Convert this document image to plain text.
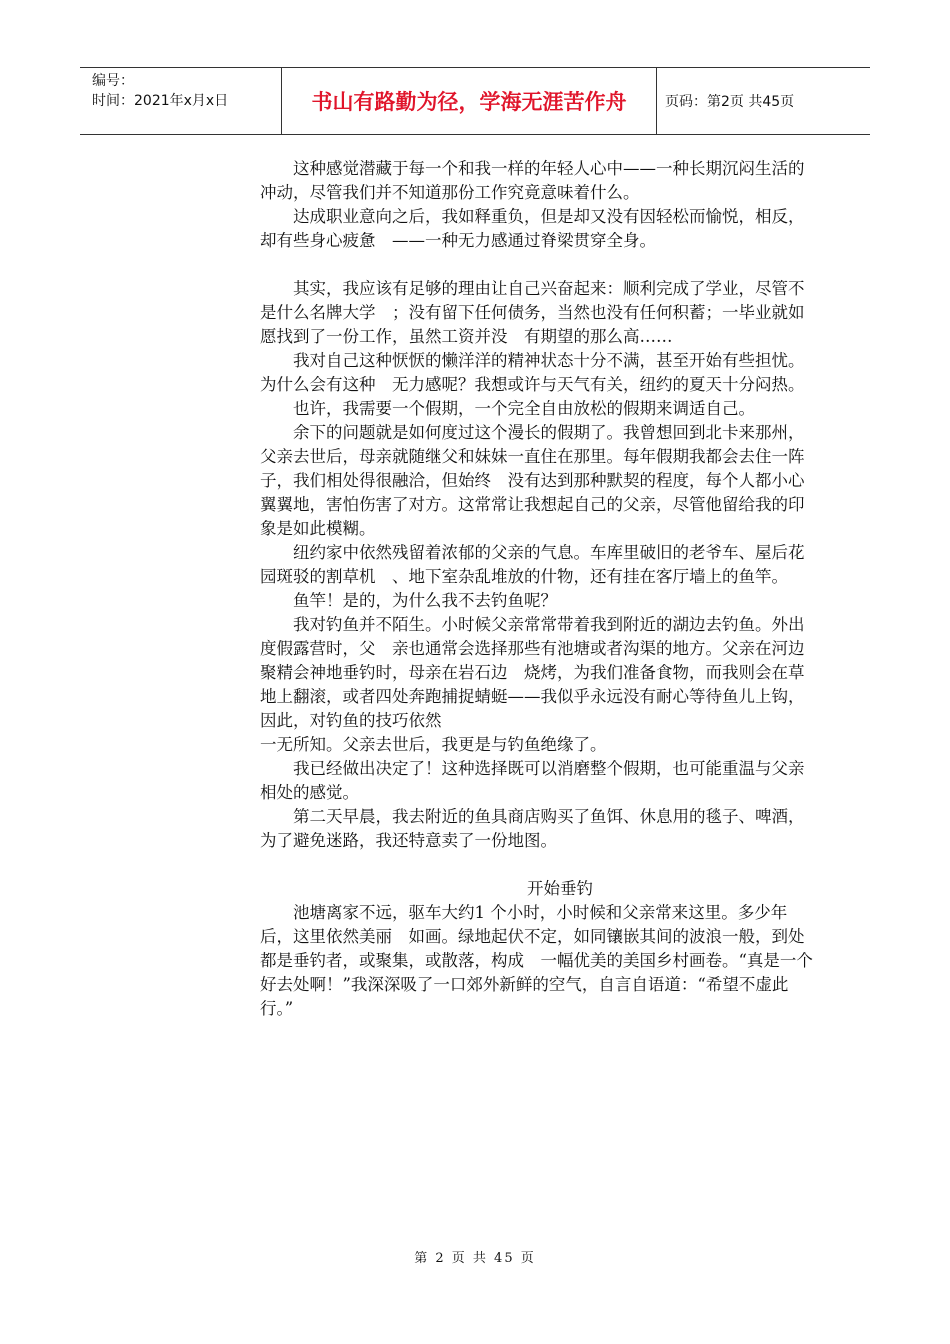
编号：
时间：2021年x月x日	书山有路勤为径，学海无涯苦作舟	页码：第2页 共45页

这种感觉潜藏于每一个和我一样的年轻人心中——一种长期沉闷生活的冲动，尽管我们并不知道那份工作究竟意味着什么。

达成职业意向之后，我如释重负，但是却又没有因轻松而愉悦，相反，却有些身心疲惫　——一种无力感通过脊梁贯穿全身。

其实，我应该有足够的理由让自己兴奋起来：顺利完成了学业，尽管不是什么名牌大学　；没有留下任何债务，当然也没有任何积蓄；一毕业就如愿找到了一份工作，虽然工资并没　有期望的那么高……

我对自己这种恹恹的懒洋洋的精神状态十分不满，甚至开始有些担忧。为什么会有这种　无力感呢？我想或许与天气有关，纽约的夏天十分闷热。

也许，我需要一个假期，一个完全自由放松的假期来调适自己。

余下的问题就是如何度过这个漫长的假期了。我曾想回到北卡来那州，父亲去世后，母亲就随继父和妹妹一直住在那里。每年假期我都会去住一阵子，我们相处得很融洽，但始终　没有达到那种默契的程度，每个人都小心翼翼地，害怕伤害了对方。这常常让我想起自己的父亲，尽管他留给我的印象是如此模糊。

纽约家中依然残留着浓郁的父亲的气息。车库里破旧的老爷车、屋后花园斑驳的割草机　、地下室杂乱堆放的什物，还有挂在客厅墙上的鱼竿。

鱼竿！是的，为什么我不去钓鱼呢？

我对钓鱼并不陌生。小时候父亲常常带着我到附近的湖边去钓鱼。外出度假露营时，父　亲也通常会选择那些有池塘或者沟渠的地方。父亲在河边聚精会神地垂钓时，母亲在岩石边　烧烤，为我们准备食物，而我则会在草地上翻滚，或者四处奔跑捕捉蜻蜓——我似乎永远没有耐心等待鱼儿上钩，因此，对钓鱼的技巧依然

一无所知。父亲去世后，我更是与钓鱼绝缘了。

我已经做出决定了！这种选择既可以消磨整个假期，也可能重温与父亲相处的感觉。

第二天早晨，我去附近的鱼具商店购买了鱼饵、休息用的毯子、啤酒，为了避免迷路，我还特意卖了一份地图。

开始垂钓

池塘离家不远，驱车大约1 个小时，小时候和父亲常来这里。多少年后，这里依然美丽　如画。绿地起伏不定，如同镶嵌其间的波浪一般，到处都是垂钓者，或聚集，或散落，构成　一幅优美的美国乡村画卷。“真是一个好去处啊！”我深深吸了一口郊外新鲜的空气，自言自语道：“希望不虚此行。”

第 2 页 共 45 页
